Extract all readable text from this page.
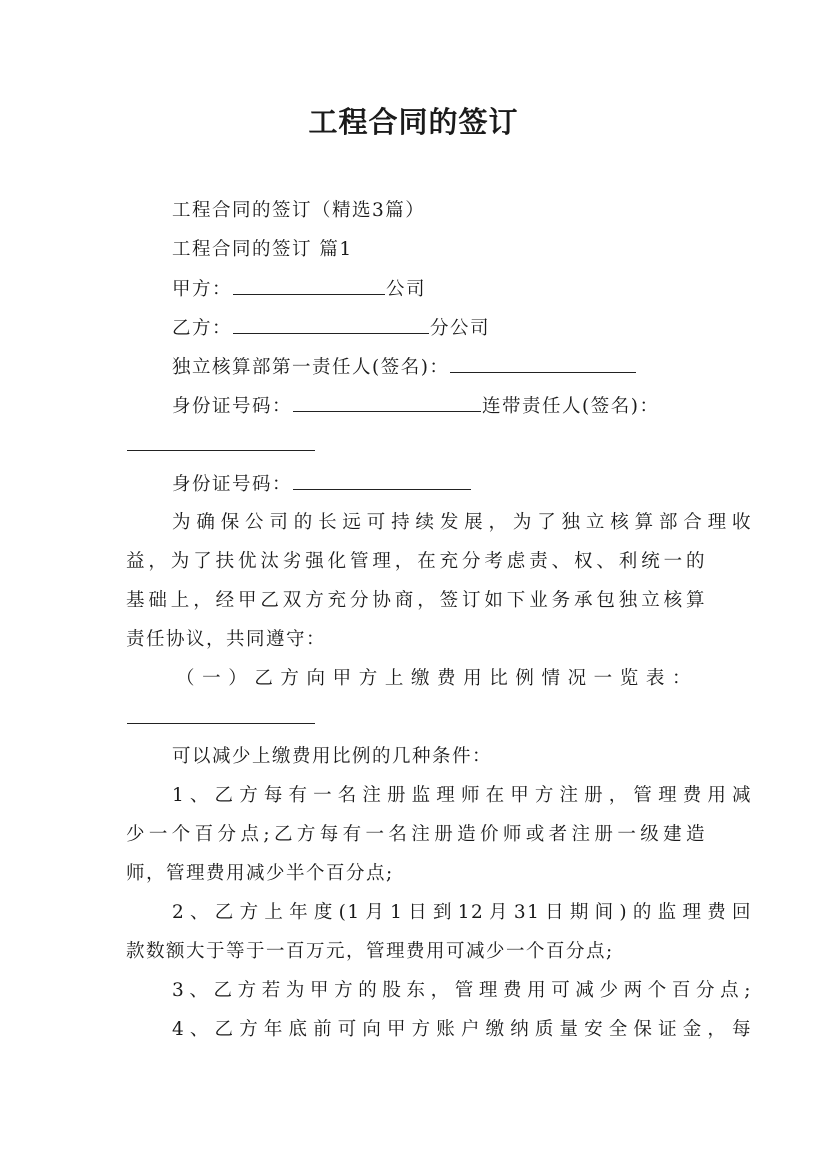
工程合同的签订
工程合同的签订（精选3篇）
工程合同的签订 篇1
甲方：	公司
乙方：	分公司
独立核算部第一责任人(签名)：
身份证号码：	连带责任人(签名)：
身份证号码：
为确保公司的长远可持续发展，为了独立核算部合理收
益，为了扶优汰劣强化管理，在充分考虑责、权、利统一的
基础上，经甲乙双方充分协商，签订如下业务承包独立核算
责任协议，共同遵守：
（一）乙方向甲方上缴费用比例情况一览表：
可以减少上缴费用比例的几种条件：
1、乙方每有一名注册监理师在甲方注册，管理费用减
少一个百分点;乙方每有一名注册造价师或者注册一级建造
师，管理费用减少半个百分点;
2、乙方上年度(1月1日到12月31日期间)的监理费回
款数额大于等于一百万元，管理费用可减少一个百分点;
3、乙方若为甲方的股东，管理费用可减少两个百分点;
4、乙方年底前可向甲方账户缴纳质量安全保证金，每
